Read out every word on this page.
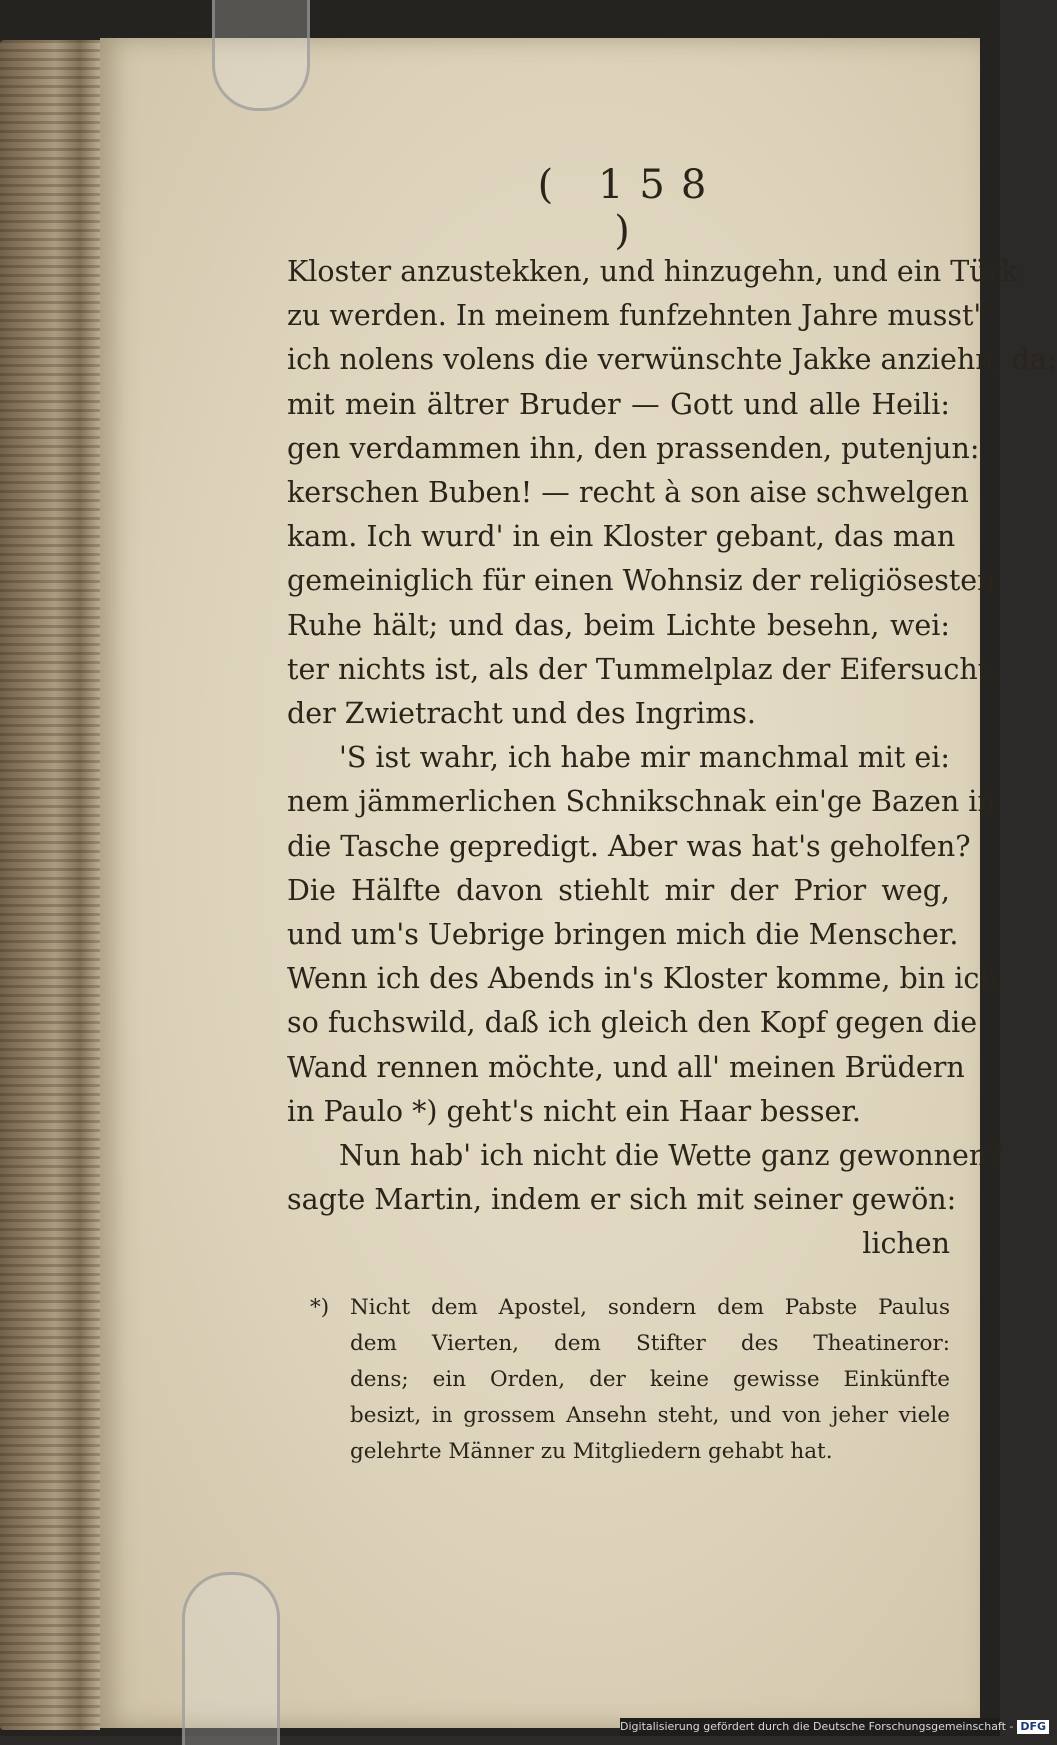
( 158 )
Kloster anzustekken, und hinzugehn, und ein Türk
zu werden. In meinem funfzehnten Jahre musst'
ich nolens volens die verwünschte Jakke anziehn, da:
mit mein ältrer Bruder — Gott und alle Heili:
gen verdammen ihn, den prassenden, putenjun:
kerschen Buben! — recht à son aise schwelgen
kam. Ich wurd' in ein Kloster gebant, das man
gemeiniglich für einen Wohnsiz der religiösesten
Ruhe hält; und das, beim Lichte besehn, wei:
ter nichts ist, als der Tummelplaz der Eifersucht,
der Zwietracht und des Ingrims.
'S ist wahr, ich habe mir manchmal mit ei:
nem jämmerlichen Schnikschnak ein'ge Bazen in
die Tasche gepredigt. Aber was hat's geholfen?
Die Hälfte davon stiehlt mir der Prior weg,
und um's Uebrige bringen mich die Menscher.
Wenn ich des Abends in's Kloster komme, bin ich
so fuchswild, daß ich gleich den Kopf gegen die
Wand rennen möchte, und all' meinen Brüdern
in Paulo *) geht's nicht ein Haar besser.
Nun hab' ich nicht die Wette ganz gewonnen?
sagte Martin, indem er sich mit seiner gewön:
lichen
*) Nicht dem Apostel, sondern dem Pabste Paulus
dem Vierten, dem Stifter des Theatineror:
dens; ein Orden, der keine gewisse Einkünfte
besizt, in grossem Ansehn steht, und von jeher viele
gelehrte Männer zu Mitgliedern gehabt hat.
Digitalisierung gefördert durch die Deutsche Forschungsgemeinschaft - DFG
